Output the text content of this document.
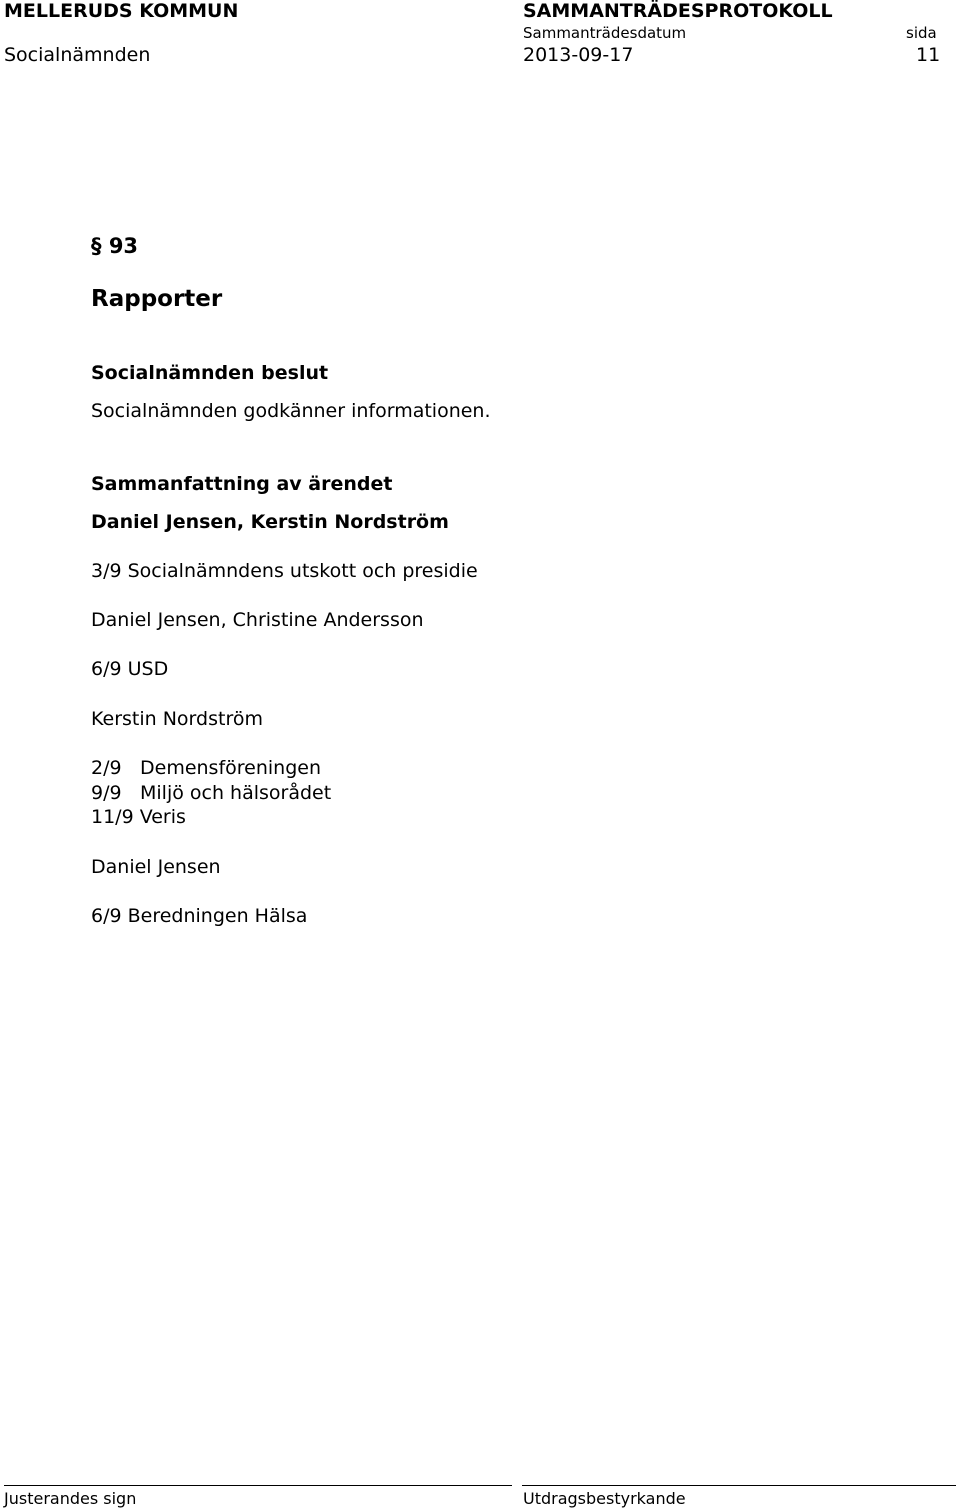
MELLERUDS KOMMUN	SAMMANTRÄDESPROTOKOLL
Sammanträdesdatum	sida
Socialnämnden	2013-09-17	11
§ 93
Rapporter
Socialnämnden beslut
Socialnämnden godkänner informationen.
Sammanfattning av ärendet
Daniel Jensen, Kerstin Nordström
3/9 Socialnämndens utskott och presidie
Daniel Jensen, Christine Andersson
6/9 USD
Kerstin Nordström
2/9 Demensföreningen
9/9 Miljö och hälsorådet
11/9 Veris
Daniel Jensen
6/9 Beredningen Hälsa
Justerandes sign	Utdragsbestyrkande
